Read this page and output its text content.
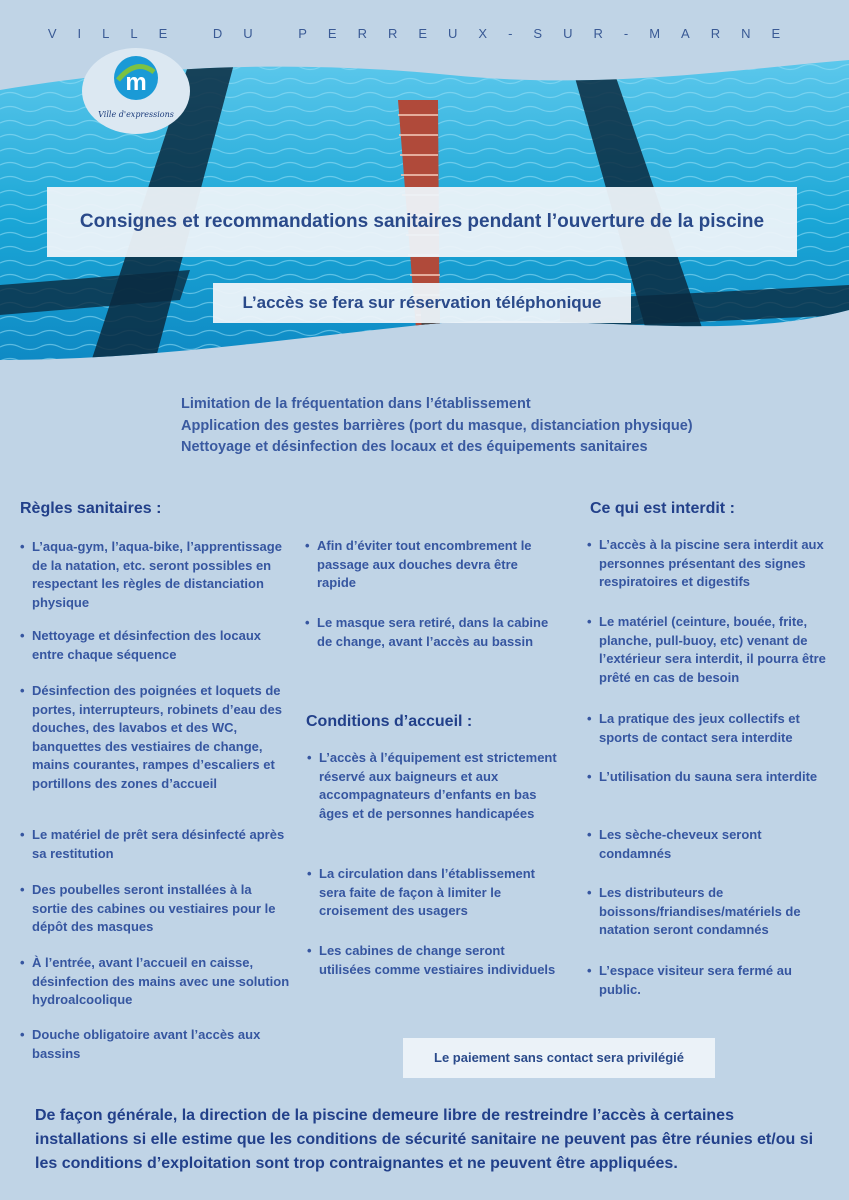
VILLE DU PERREUX-SUR-MARNE
m
Ville d'expressions
Consignes et recommandations sanitaires pendant l’ouverture de la piscine
L’accès se fera sur réservation téléphonique
Limitation de la fréquentation dans l’établissement
Application des gestes barrières (port du masque, distanciation physique)
Nettoyage et désinfection des locaux et des équipements sanitaires
Règles sanitaires :
• L’aqua-gym, l’aqua-bike, l’apprentissage de la natation, etc. seront possibles en respectant les règles de distanciation physique
• Nettoyage et désinfection des locaux entre chaque séquence
• Désinfection des poignées et loquets de portes, interrupteurs, robinets d’eau des douches, des lavabos et des WC, banquettes des vestiaires de change, mains courantes, rampes d’escaliers et portillons des zones d’accueil
• Le matériel de prêt sera désinfecté après sa restitution
• Des poubelles seront installées à la sortie des cabines ou vestiaires pour le dépôt des masques
• À l’entrée, avant l’accueil en caisse, désinfection des mains avec une solution hydroalcoolique
• Douche obligatoire avant l’accès aux bassins
• Afin d’éviter tout encombrement le passage aux douches devra être rapide
• Le masque sera retiré, dans la cabine de change, avant l’accès au bassin
Conditions d’accueil :
• L’accès à l’équipement est strictement réservé aux baigneurs et aux accompagnateurs d’enfants en bas âges et de personnes handicapées
• La circulation dans l’établissement sera faite de façon à limiter le croisement des usagers
• Les cabines de change seront utilisées comme vestiaires individuels
Ce qui est interdit :
• L’accès à la piscine sera interdit aux personnes présentant des signes respiratoires et digestifs
• Le matériel (ceinture, bouée, frite, planche, pull-buoy, etc) venant de l’extérieur sera interdit, il pourra être prêté en cas de besoin
• La pratique des jeux collectifs et sports de contact sera interdite
• L’utilisation du sauna sera interdite
• Les sèche-cheveux seront condamnés
• Les distributeurs de boissons/friandises/matériels de natation seront condamnés
• L’espace visiteur sera fermé au public.
Le paiement sans contact sera privilégié
De façon générale, la direction de la piscine demeure libre de restreindre l’accès à certaines installations si elle estime que les conditions de sécurité sanitaire ne peuvent pas être réunies et/ou si les conditions d’exploitation sont trop contraignantes et ne peuvent être appliquées.
